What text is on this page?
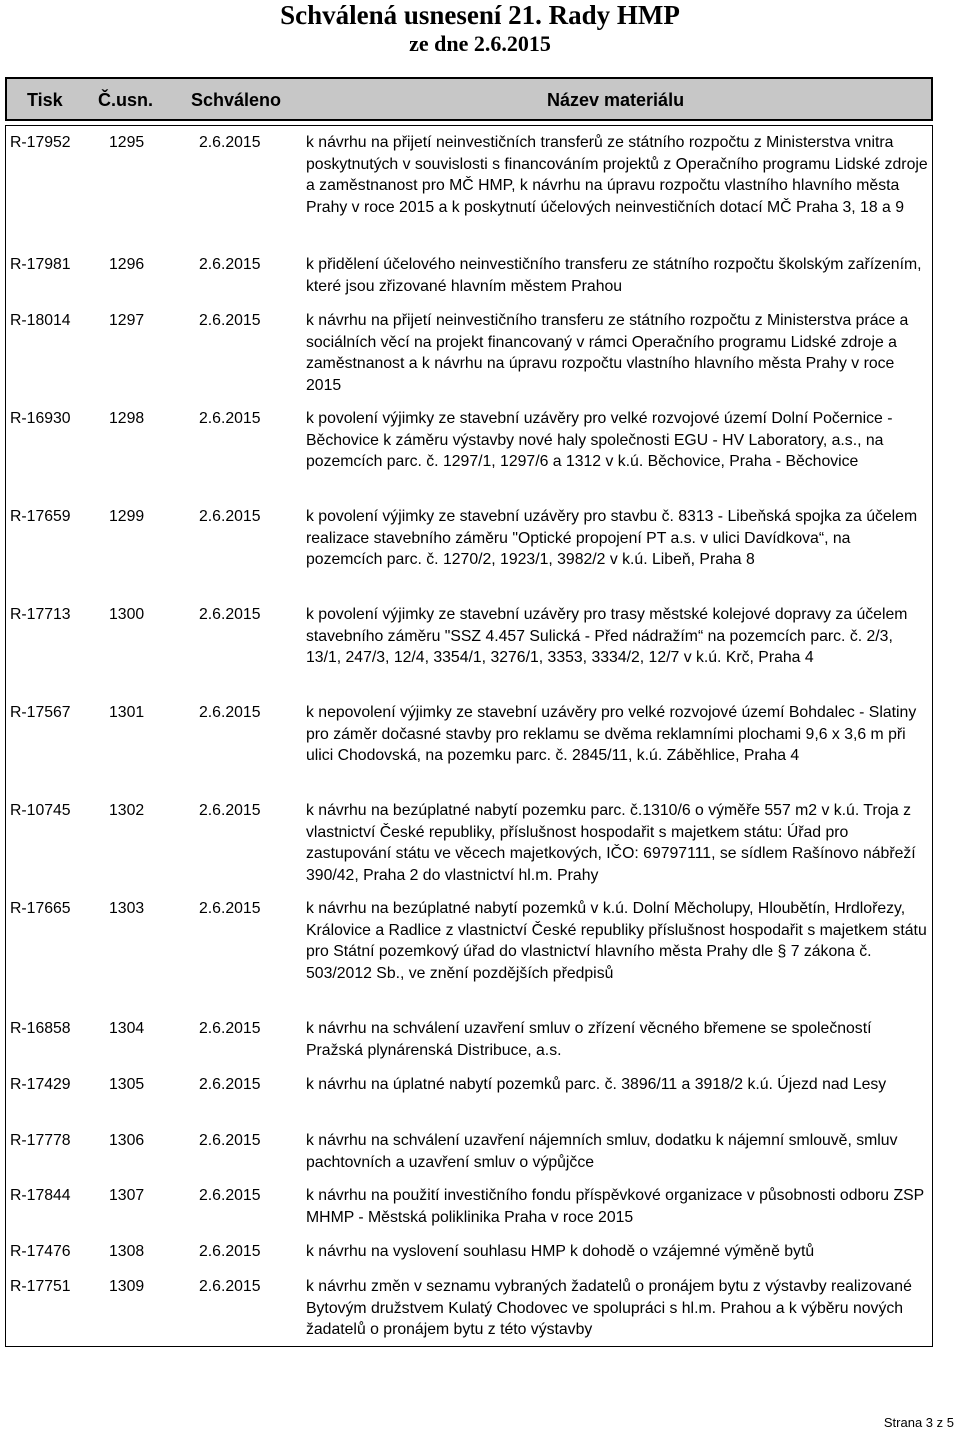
Schválená usnesení 21. Rady HMP
ze dne 2.6.2015
Tisk Č.usn. Schváleno	Název materiálu
R-17952 1295	2.6.2015	k návrhu na přijetí neinvestičních transferů ze státního rozpočtu z Ministerstva vnitra poskytnutých v souvislosti s financováním projektů z Operačního programu Lidské zdroje a zaměstnanost pro MČ HMP, k návrhu na úpravu rozpočtu vlastního hlavního města Prahy v roce 2015 a k poskytnutí účelových neinvestičních dotací MČ Praha 3, 18 a 9
R-17981 1296	2.6.2015	k přidělení účelového neinvestičního transferu ze státního rozpočtu školským zařízením, které jsou zřizované hlavním městem Prahou
R-18014 1297	2.6.2015	k návrhu na přijetí neinvestičního transferu ze státního rozpočtu z Ministerstva práce a sociálních věcí na projekt financovaný v rámci Operačního programu Lidské zdroje a zaměstnanost a k návrhu na úpravu rozpočtu vlastního hlavního města Prahy v roce 2015
R-16930 1298	2.6.2015	k povolení výjimky ze stavební uzávěry pro velké rozvojové území Dolní Počernice - Běchovice k záměru výstavby nové haly společnosti EGU - HV Laboratory, a.s., na pozemcích parc. č. 1297/1, 1297/6 a 1312 v k.ú. Běchovice, Praha - Běchovice
R-17659 1299	2.6.2015	k povolení výjimky ze stavební uzávěry pro stavbu č. 8313 - Libeňská spojka za účelem realizace stavebního záměru "Optické propojení PT a.s. v ulici Davídkova“, na pozemcích parc. č. 1270/2, 1923/1, 3982/2 v k.ú. Libeň, Praha 8
R-17713 1300	2.6.2015	k povolení výjimky ze stavební uzávěry pro trasy městské kolejové dopravy za účelem stavebního záměru "SSZ 4.457 Sulická - Před nádražím“ na pozemcích parc. č. 2/3, 13/1, 247/3, 12/4, 3354/1, 3276/1, 3353, 3334/2, 12/7 v k.ú. Krč, Praha 4
R-17567 1301	2.6.2015	k nepovolení výjimky ze stavební uzávěry pro velké rozvojové území Bohdalec - Slatiny pro záměr dočasné stavby pro reklamu se dvěma reklamními plochami 9,6 x 3,6 m při ulici Chodovská, na pozemku parc. č. 2845/11, k.ú. Záběhlice, Praha 4
R-10745 1302	2.6.2015	k návrhu na bezúplatné nabytí pozemku parc. č.1310/6 o výměře 557 m2 v k.ú. Troja z vlastnictví České republiky, příslušnost hospodařit s majetkem státu: Úřad pro zastupování státu ve věcech majetkových, IČO: 69797111, se sídlem Rašínovo nábřeží 390/42, Praha 2 do vlastnictví hl.m. Prahy
R-17665 1303	2.6.2015	k návrhu na bezúplatné nabytí pozemků v k.ú. Dolní Měcholupy, Hloubětín, Hrdlořezy, Královice a Radlice z vlastnictví České republiky příslušnost hospodařit s majetkem státu pro Státní pozemkový úřad do vlastnictví hlavního města Prahy dle § 7 zákona č. 503/2012 Sb., ve znění pozdějších předpisů
R-16858 1304	2.6.2015	k návrhu na schválení uzavření smluv o zřízení věcného břemene se společností Pražská plynárenská Distribuce, a.s.
R-17429 1305	2.6.2015	k návrhu na úplatné nabytí pozemků parc. č. 3896/11 a 3918/2 k.ú. Újezd nad Lesy
R-17778 1306	2.6.2015	k návrhu na schválení uzavření nájemních smluv, dodatku k nájemní smlouvě, smluv pachtovních a uzavření smluv o výpůjčce
R-17844 1307	2.6.2015	k návrhu na použití investičního fondu příspěvkové organizace v působnosti odboru ZSP MHMP - Městská poliklinika Praha v roce 2015
R-17476 1308	2.6.2015	k návrhu na vyslovení souhlasu HMP k dohodě o vzájemné výměně bytů
R-17751 1309	2.6.2015	k návrhu změn v seznamu vybraných žadatelů o pronájem bytu z výstavby realizované Bytovým družstvem Kulatý Chodovec ve spolupráci s hl.m. Prahou a k výběru nových žadatelů o pronájem bytu z této výstavby
Strana 3 z 5
